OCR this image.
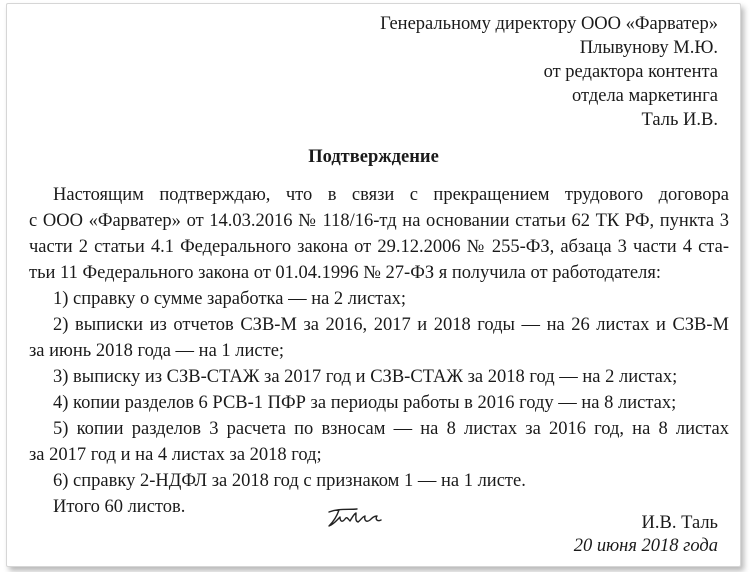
Генеральному директору ООО «Фарватер»
Плывунову М.Ю.
от редактора контента
отдела маркетинга
Таль И.В.
Подтверждение
Настоящим подтверждаю, что в связи с прекращением трудового договора
с ООО «Фарватер» от 14.03.2016 № 118/16-тд на основании статьи 62 ТК РФ, пункта 3
части 2 статьи 4.1 Федерального закона от 29.12.2006 № 255-ФЗ, абзаца 3 части 4 ста-
тьи 11 Федерального закона от 01.04.1996 № 27-ФЗ я получила от работодателя:
1) справку о сумме заработка — на 2 листах;
2) выписки из отчетов СЗВ-М за 2016, 2017 и 2018 годы — на 26 листах и СЗВ-М
за июнь 2018 года — на 1 листе;
3) выписку из СЗВ-СТАЖ за 2017 год и СЗВ-СТАЖ за 2018 год — на 2 листах;
4) копии разделов 6 РСВ-1 ПФР за периоды работы в 2016 году — на 8 листах;
5) копии разделов 3 расчета по взносам — на 8 листах за 2016 год, на 8 листах
за 2017 год и на 4 листах за 2018 год;
6) справку 2-НДФЛ за 2018 год с признаком 1 — на 1 листе.
Итого 60 листов.
И.В. Таль
20 июня 2018 года
